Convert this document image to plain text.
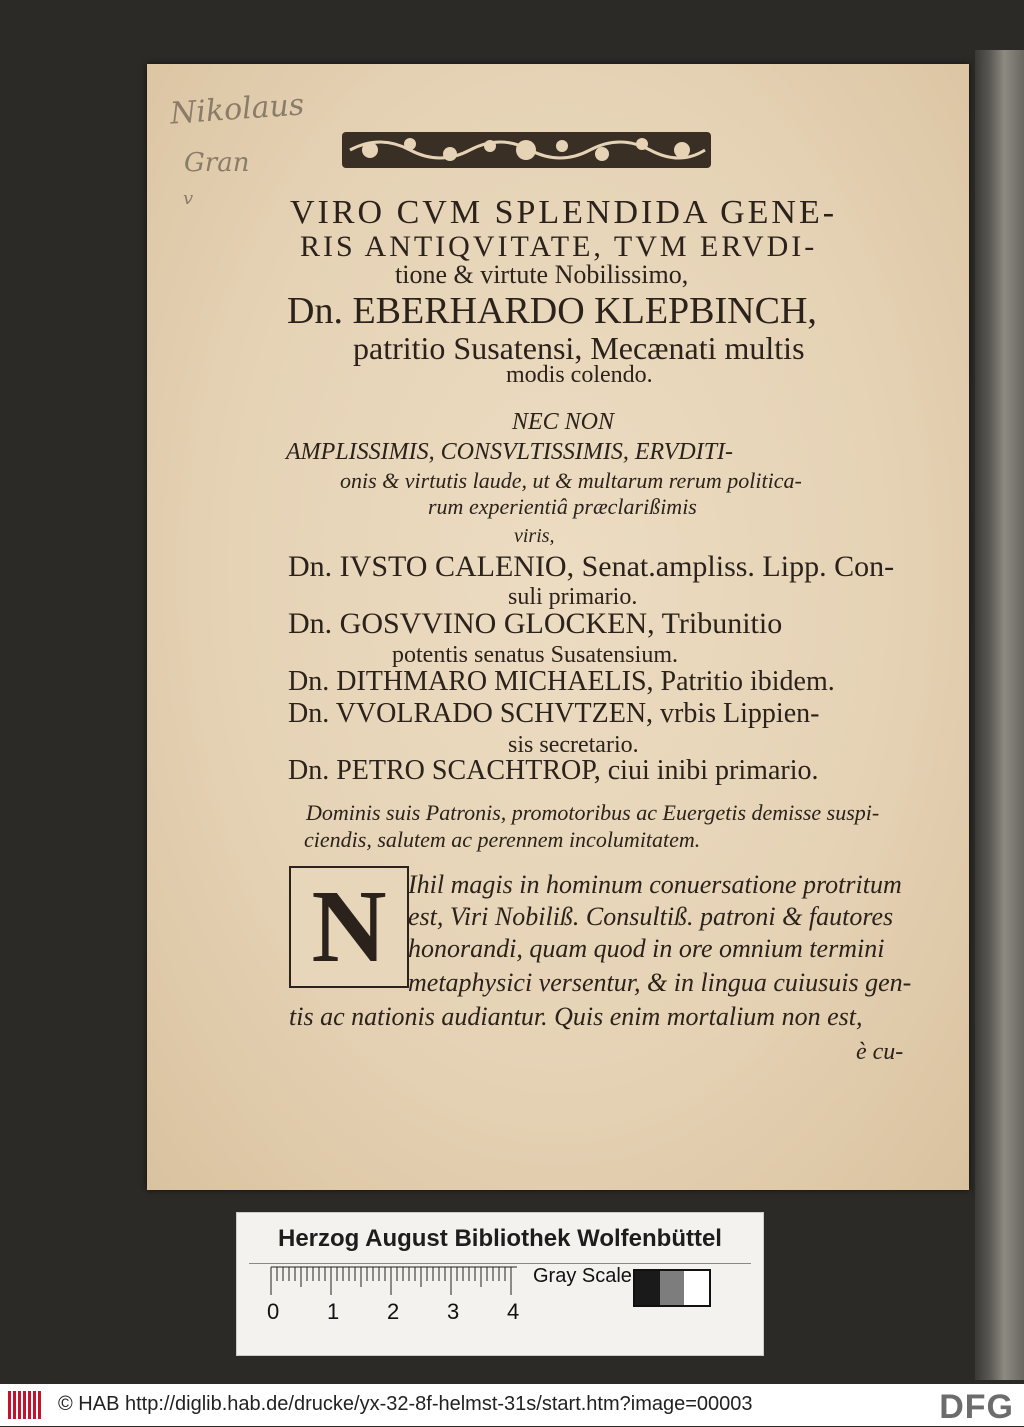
Nikolaus
Gran
v	VIRO CVM SPLENDIDA GENE-
RIS ANTIQVITATE, TVM ERVDI-
tione & virtute Nobilissimo,
Dn. EBERHARDO KLEPBINCH,
patritio Susatensi, Mecænati multis
modis colendo.
NEC NON
AMPLISSIMIS, CONSVLTISSIMIS, ERVDITI-
onis & virtutis laude, ut & multarum rerum politica-
rum experientiâ præclarißimis
viris,
Dn. IVSTO CALENIO, Senat.ampliss. Lipp. Con-
suli primario.
Dn. GOSVVINO GLOCKEN, Tribunitio
potentis senatus Susatensium.
Dn. DITHMARO MICHAELIS, Patritio ibidem.
Dn. VVOLRADO SCHVTZEN, vrbis Lippien-
sis secretario.
Dn. PETRO SCACHTROP, ciui inibi primario.
Dominis suis Patronis, promotoribus ac Euergetis demisse suspi-
ciendis, salutem ac perennem incolumitatem.
N Ihil magis in hominum conuersatione protritum
est, Viri Nobiliß. Consultiß. patroni & fautores
honorandi, quam quod in ore omnium termini
metaphysici versentur, & in lingua cuiusuis gen-
tis ac nationis audiantur. Quis enim mortalium non est,
è cu-
Herzog August Bibliothek Wolfenbüttel
0 1 2 3 4
Gray Scale
© HAB http://diglib.hab.de/drucke/yx-32-8f-helmst-31s/start.htm?image=00003	DFG
